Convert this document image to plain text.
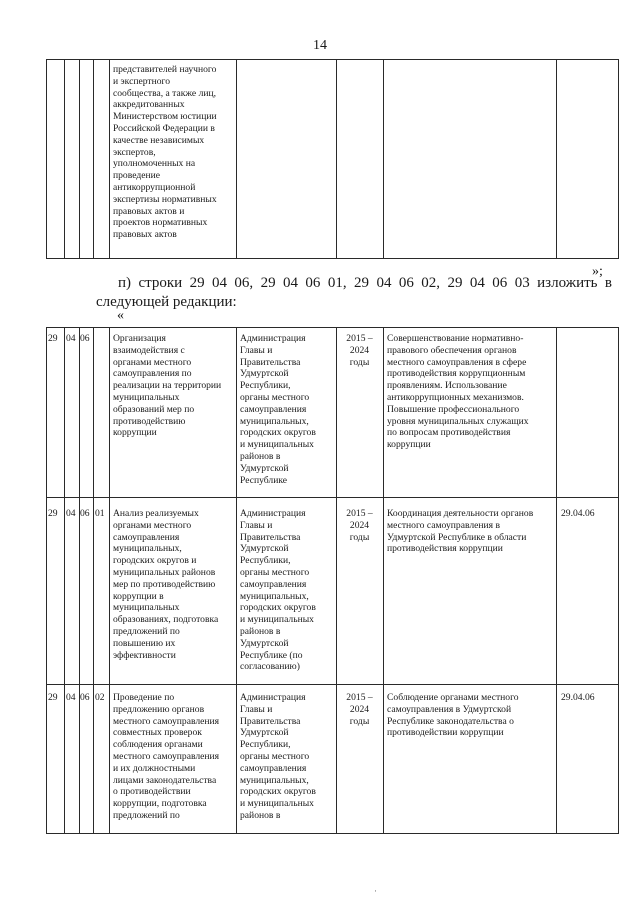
14
представителей научного
и экспертного
сообщества, а также лиц,
аккредитованных
Министерством юстиции
Российской Федерации в
качестве независимых
экспертов,
уполномоченных на
проведение
антикоррупционной
экспертизы нормативных
правовых актов и
проектов нормативных
правовых актов
»;
п) строки 29 04 06, 29 04 06 01, 29 04 06 02, 29 04 06 03 изложить в
следующей редакции:
«
29 04 06 Организация
взаимодействия с
органами местного
самоуправления по
реализации на территории
муниципальных
образований мер по
противодействию
коррупции
Администрация
Главы и
Правительства
Удмуртской
Республики,
органы местного
самоуправления
муниципальных,
городских округов
и муниципальных
районов в
Удмуртской
Республике
2015 –
2024
годы
Совершенствование нормативно-
правового обеспечения органов
местного самоуправления в сфере
противодействия коррупционным
проявлениям. Использование
антикоррупционных механизмов.
Повышение профессионального
уровня муниципальных служащих
по вопросам противодействия
коррупции
29 04 06 01 Анализ реализуемых
органами местного
самоуправления
муниципальных,
городских округов и
муниципальных районов
мер по противодействию
коррупции в
муниципальных
образованиях, подготовка
предложений по
повышению их
эффективности
Администрация
Главы и
Правительства
Удмуртской
Республики,
органы местного
самоуправления
муниципальных,
городских округов
и муниципальных
районов в
Удмуртской
Республике (по
согласованию)
2015 –
2024
годы
Координация деятельности органов
местного самоуправления в
Удмуртской Республике в области
противодействия коррупции
29.04.06
29 04 06 02 Проведение по
предложению органов
местного самоуправления
совместных проверок
соблюдения органами
местного самоуправления
и их должностными
лицами законодательства
о противодействии
коррупции, подготовка
предложений по
Администрация
Главы и
Правительства
Удмуртской
Республики,
органы местного
самоуправления
муниципальных,
городских округов
и муниципальных
районов в
2015 –
2024
годы
Соблюдение органами местного
самоуправления в Удмуртской
Республике законодательства о
противодействии коррупции
29.04.06
·
